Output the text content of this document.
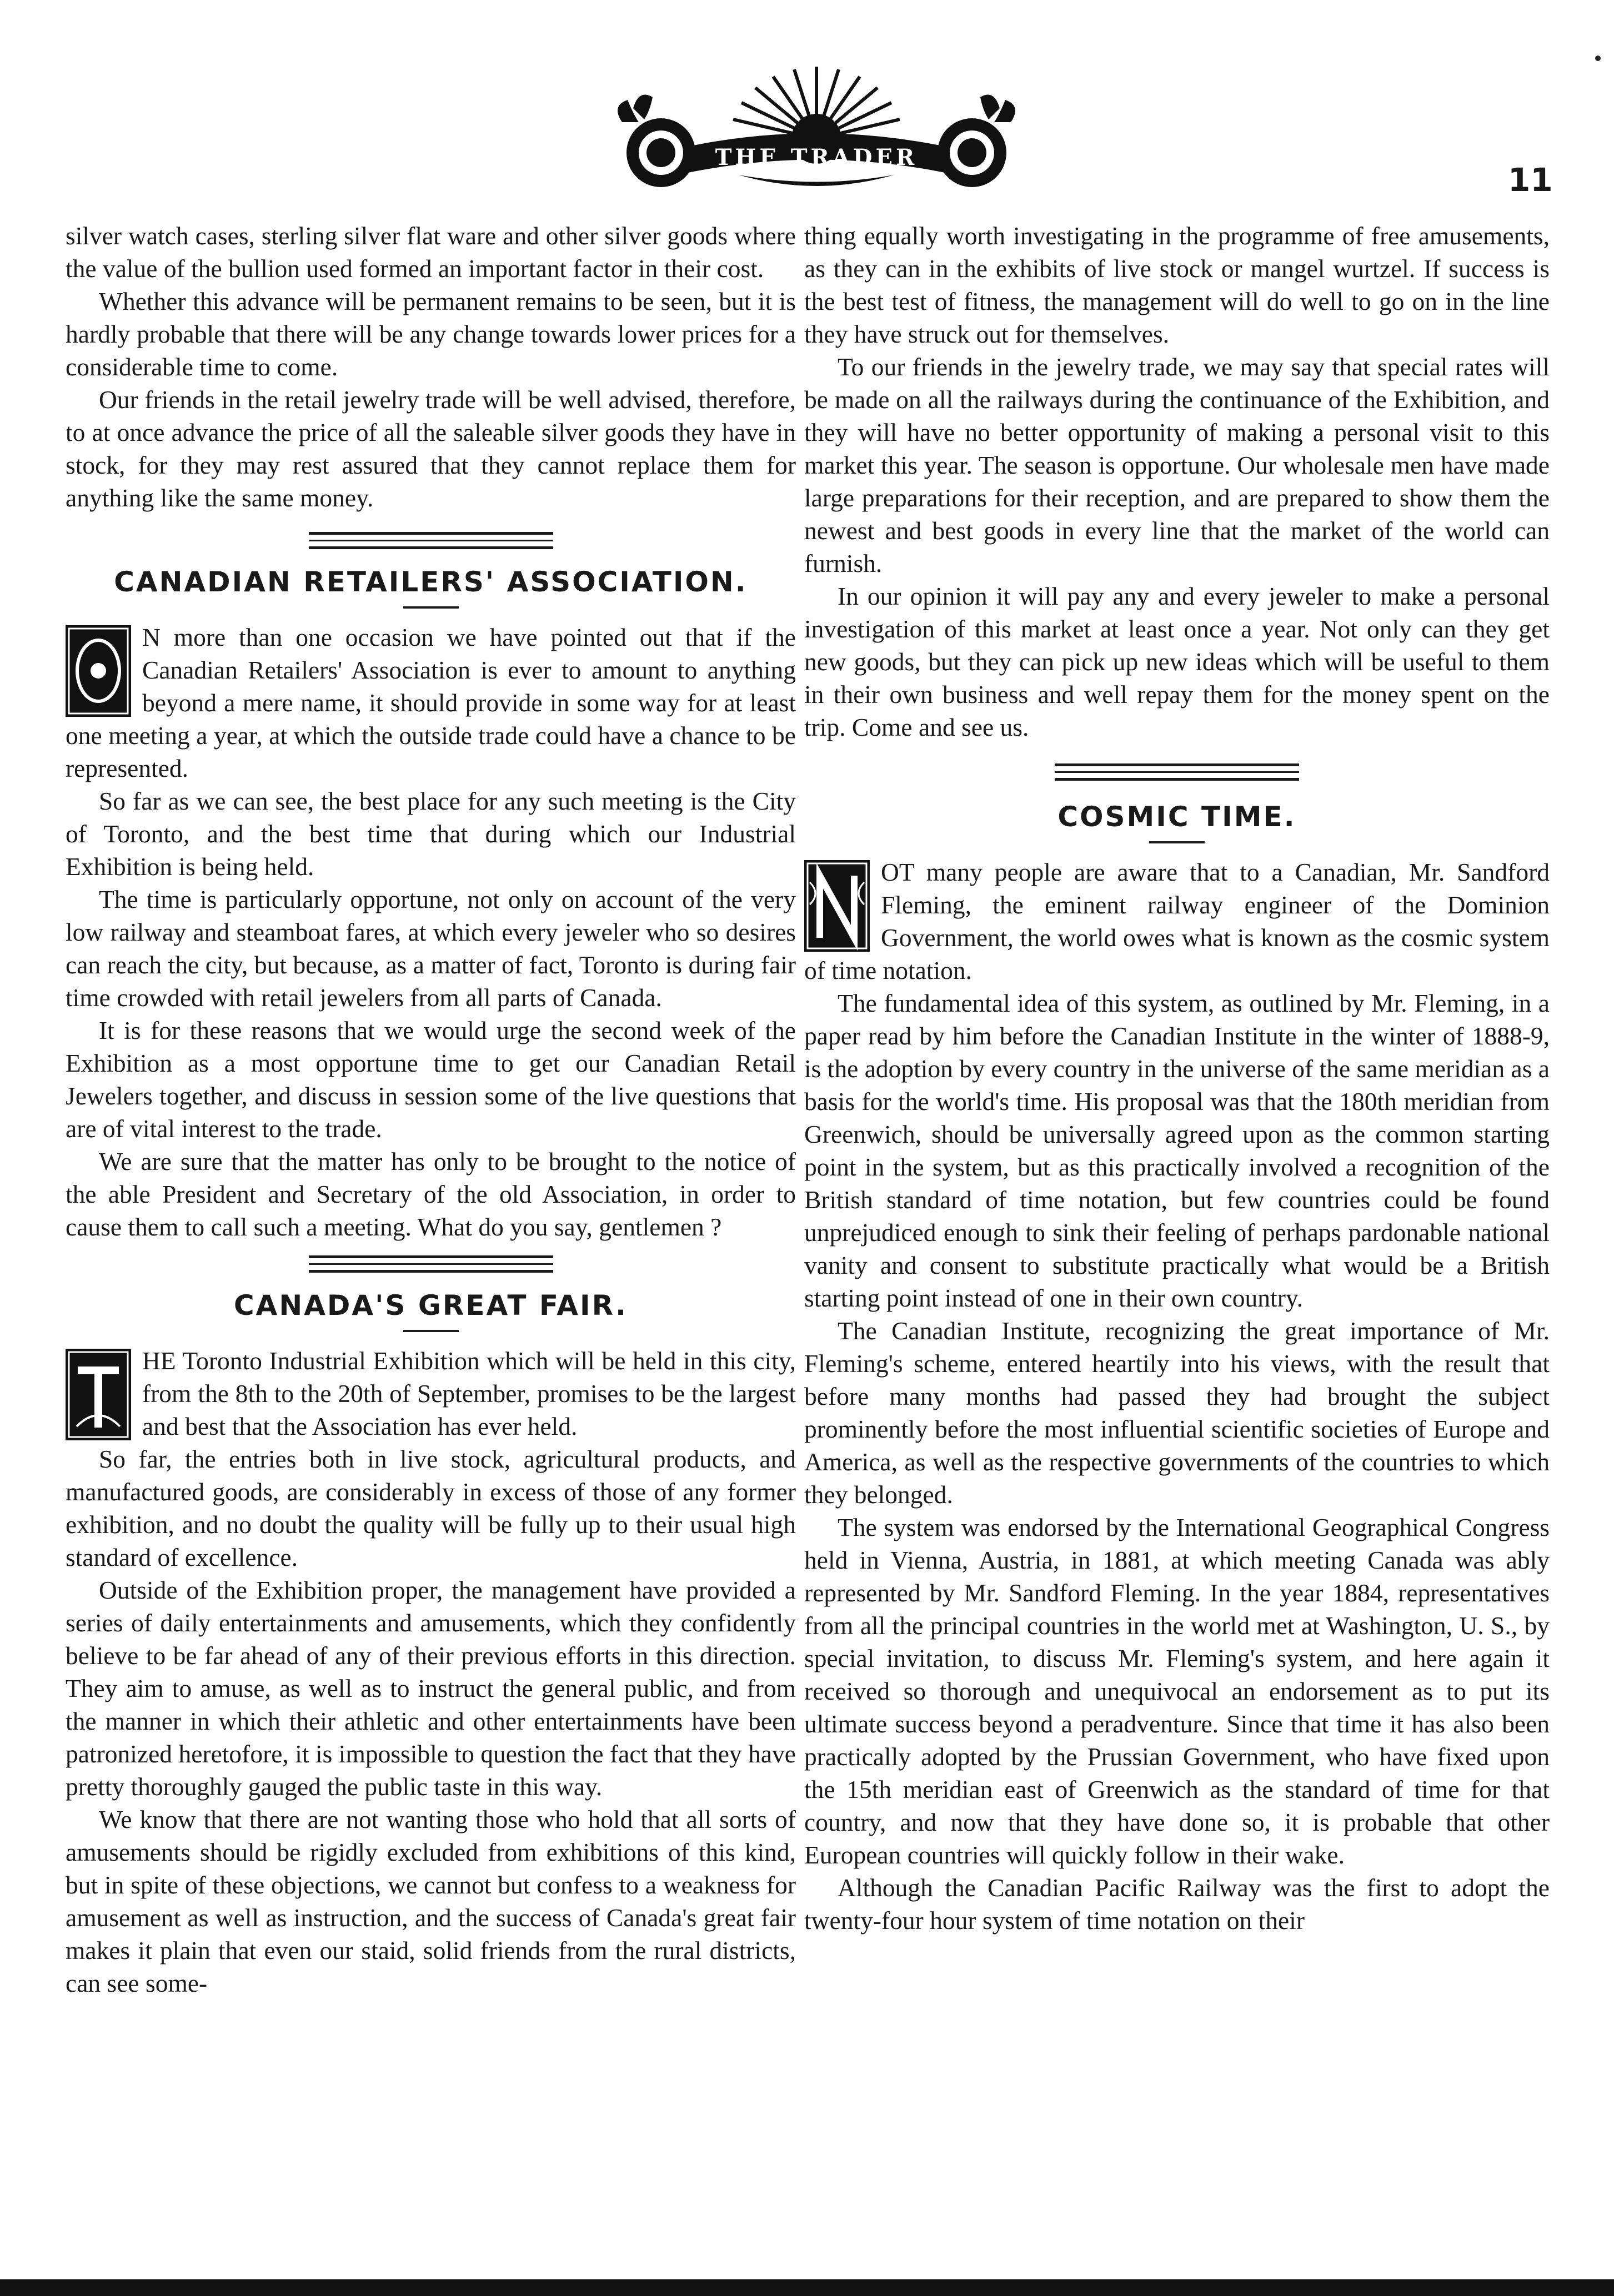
THE TRADER
11

silver watch cases, sterling silver flat ware and other silver goods where the value of the bullion used formed an important factor in their cost.

Whether this advance will be permanent remains to be seen, but it is hardly probable that there will be any change towards lower prices for a considerable time to come.

Our friends in the retail jewelry trade will be well advised, therefore, to at once advance the price of all the saleable silver goods they have in stock, for they may rest assured that they cannot replace them for anything like the same money.

CANADIAN RETAILERS' ASSOCIATION.

N more than one occasion we have pointed out that if the Canadian Retailers' Association is ever to amount to anything beyond a mere name, it should provide in some way for at least one meeting a year, at which the outside trade could have a chance to be represented.

So far as we can see, the best place for any such meeting is the City of Toronto, and the best time that during which our Industrial Exhibition is being held.

The time is particularly opportune, not only on account of the very low railway and steamboat fares, at which every jeweler who so desires can reach the city, but because, as a matter of fact, Toronto is during fair time crowded with retail jewelers from all parts of Canada.

It is for these reasons that we would urge the second week of the Exhibition as a most opportune time to get our Canadian Retail Jewelers together, and discuss in session some of the live questions that are of vital interest to the trade.

We are sure that the matter has only to be brought to the notice of the able President and Secretary of the old Association, in order to cause them to call such a meeting. What do you say, gentlemen ?

CANADA'S GREAT FAIR.

HE Toronto Industrial Exhibition which will be held in this city, from the 8th to the 20th of September, promises to be the largest and best that the Association has ever held.

So far, the entries both in live stock, agricultural products, and manufactured goods, are considerably in excess of those of any former exhibition, and no doubt the quality will be fully up to their usual high standard of excellence.

Outside of the Exhibition proper, the management have provided a series of daily entertainments and amusements, which they confidently believe to be far ahead of any of their previous efforts in this direction. They aim to amuse, as well as to instruct the general public, and from the manner in which their athletic and other entertainments have been patronized heretofore, it is impossible to question the fact that they have pretty thoroughly gauged the public taste in this way.

We know that there are not wanting those who hold that all sorts of amusements should be rigidly excluded from exhibitions of this kind, but in spite of these objections, we cannot but confess to a weakness for amusement as well as instruction, and the success of Canada's great fair makes it plain that even our staid, solid friends from the rural districts, can see some-

thing equally worth investigating in the programme of free amusements, as they can in the exhibits of live stock or mangel wurtzel. If success is the best test of fitness, the management will do well to go on in the line they have struck out for themselves.

To our friends in the jewelry trade, we may say that special rates will be made on all the railways during the continuance of the Exhibition, and they will have no better opportunity of making a personal visit to this market this year. The season is opportune. Our wholesale men have made large preparations for their reception, and are prepared to show them the newest and best goods in every line that the market of the world can furnish.

In our opinion it will pay any and every jeweler to make a personal investigation of this market at least once a year. Not only can they get new goods, but they can pick up new ideas which will be useful to them in their own business and well repay them for the money spent on the trip. Come and see us.

COSMIC TIME.

OT many people are aware that to a Canadian, Mr. Sandford Fleming, the eminent railway engineer of the Dominion Government, the world owes what is known as the cosmic system of time notation.

The fundamental idea of this system, as outlined by Mr. Fleming, in a paper read by him before the Canadian Institute in the winter of 1888-9, is the adoption by every country in the universe of the same meridian as a basis for the world's time. His proposal was that the 180th meridian from Greenwich, should be universally agreed upon as the common starting point in the system, but as this practically involved a recognition of the British standard of time notation, but few countries could be found unprejudiced enough to sink their feeling of perhaps pardonable national vanity and consent to substitute practically what would be a British starting point instead of one in their own country.

The Canadian Institute, recognizing the great importance of Mr. Fleming's scheme, entered heartily into his views, with the result that before many months had passed they had brought the subject prominently before the most influential scientific societies of Europe and America, as well as the respective governments of the countries to which they belonged.

The system was endorsed by the International Geographical Congress held in Vienna, Austria, in 1881, at which meeting Canada was ably represented by Mr. Sandford Fleming. In the year 1884, representatives from all the principal countries in the world met at Washington, U. S., by special invitation, to discuss Mr. Fleming's system, and here again it received so thorough and unequivocal an endorsement as to put its ultimate success beyond a peradventure. Since that time it has also been practically adopted by the Prussian Government, who have fixed upon the 15th meridian east of Greenwich as the standard of time for that country, and now that they have done so, it is probable that other European countries will quickly follow in their wake.

Although the Canadian Pacific Railway was the first to adopt the twenty-four hour system of time notation on their
